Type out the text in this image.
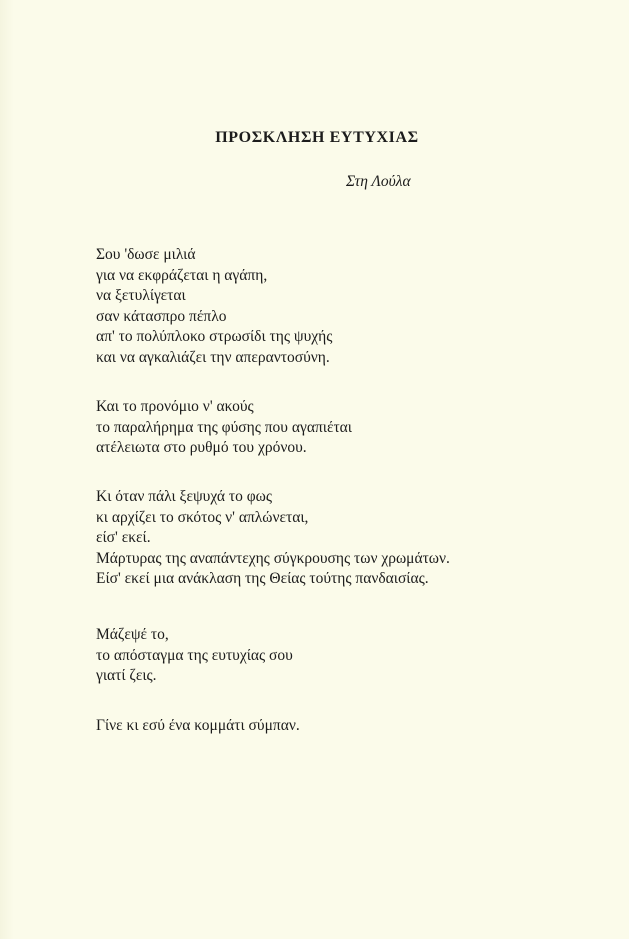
ΠΡΟΣΚΛΗΣΗ ΕΥΤΥΧΙΑΣ
Στη Λούλα
Σου 'δωσε μιλιά
για να εκφράζεται η αγάπη,
να ξετυλίγεται
σαν κάτασπρο πέπλο
απ' το πολύπλοκο στρωσίδι της ψυχής
και να αγκαλιάζει την απεραντοσύνη.
Και το προνόμιο ν' ακούς
το παραλήρημα της φύσης που αγαπιέται
ατέλειωτα στο ρυθμό του χρόνου.
Κι όταν πάλι ξεψυχά το φως
κι αρχίζει το σκότος ν' απλώνεται,
είσ' εκεί.
Μάρτυρας της αναπάντεχης σύγκρουσης των χρωμάτων.
Είσ' εκεί μια ανάκλαση της Θείας τούτης πανδαισίας.
Μάζεψέ το,
το απόσταγμα της ευτυχίας σου
γιατί ζεις.
Γίνε κι εσύ ένα κομμάτι σύμπαν.
